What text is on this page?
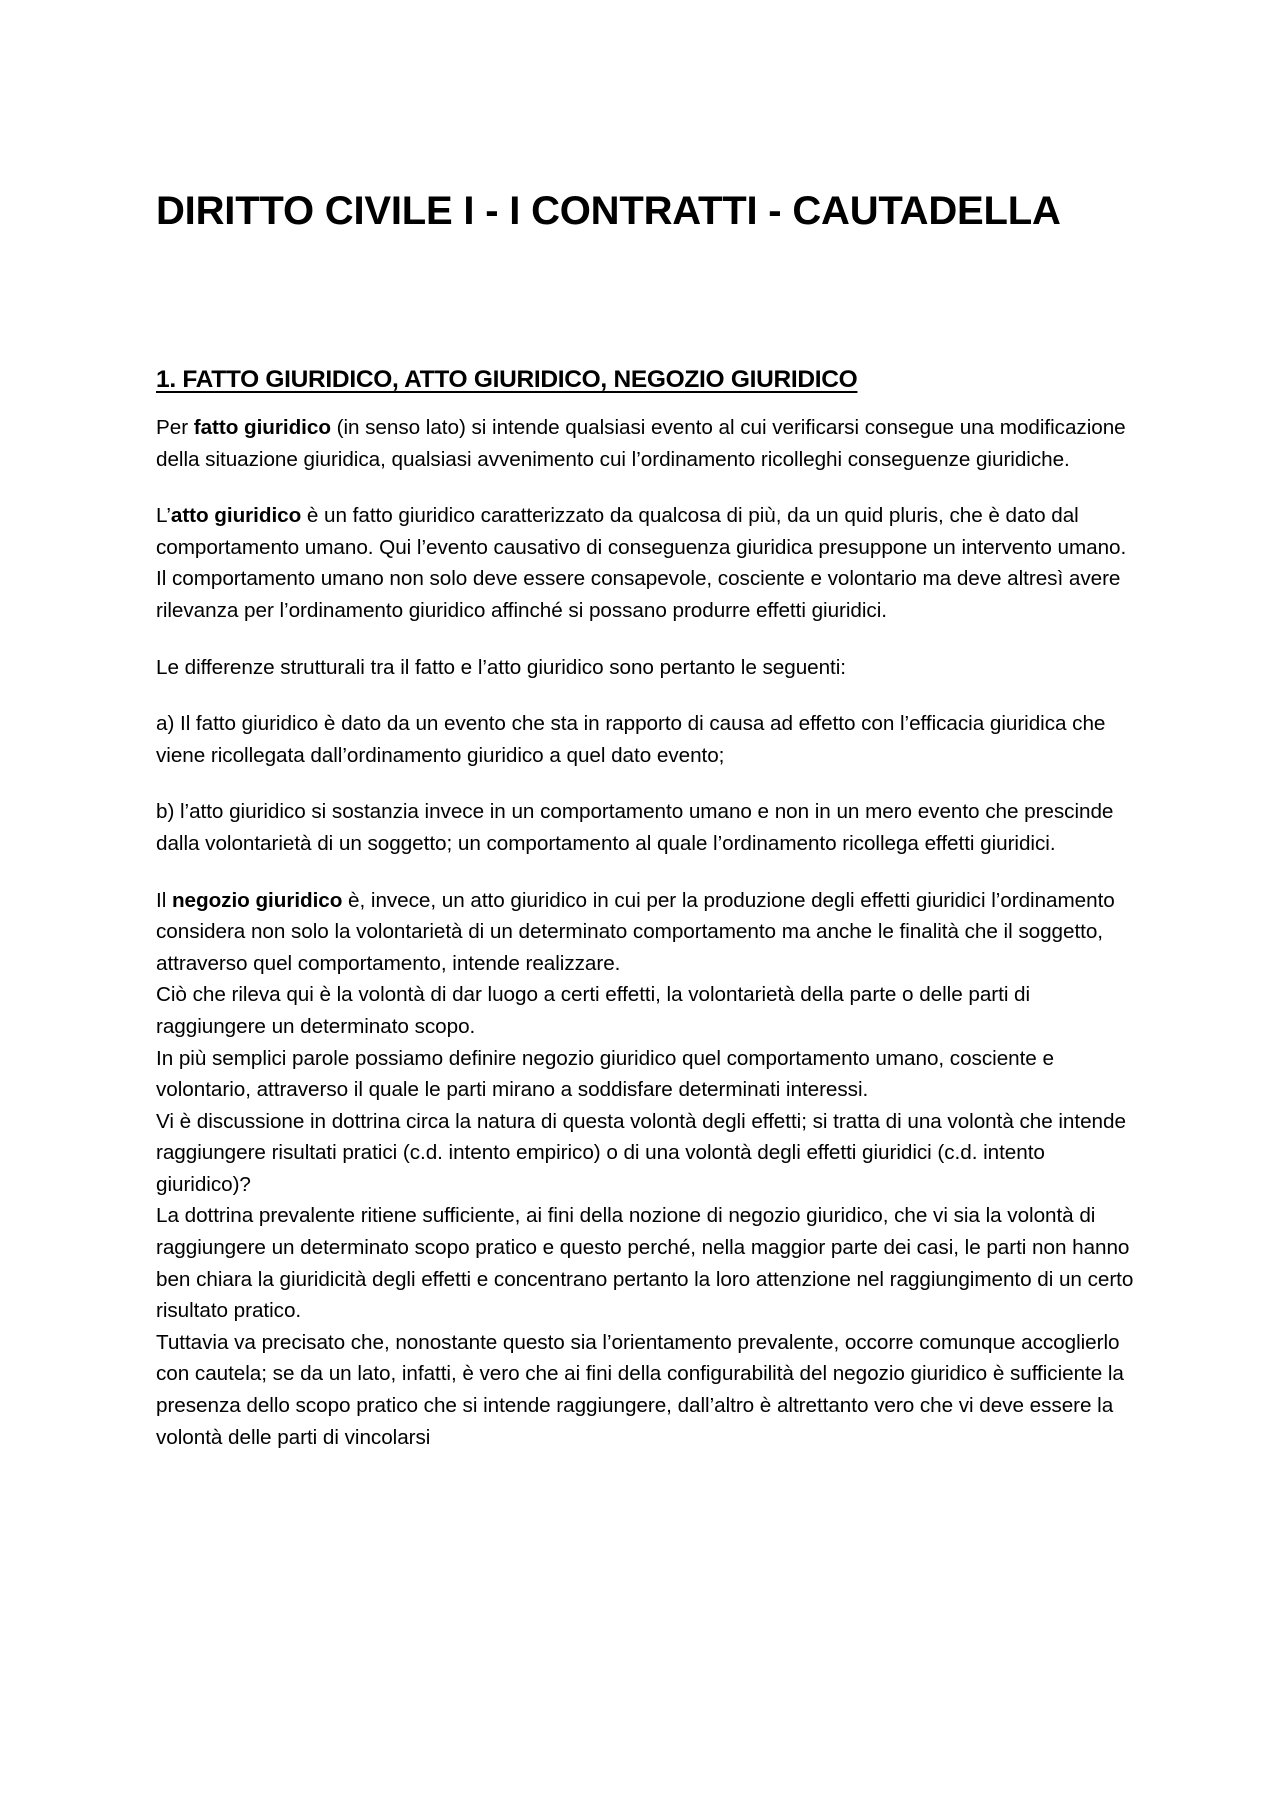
DIRITTO CIVILE I - I CONTRATTI - CAUTADELLA
1. FATTO GIURIDICO, ATTO GIURIDICO, NEGOZIO GIURIDICO

Per fatto giuridico (in senso lato) si intende qualsiasi evento al cui verificarsi consegue una modificazione della situazione giuridica, qualsiasi avvenimento cui l’ordinamento ricolleghi conseguenze giuridiche.

L’atto giuridico è un fatto giuridico caratterizzato da qualcosa di più, da un quid pluris, che è dato dal comportamento umano. Qui l’evento causativo di conseguenza giuridica presuppone un intervento umano. Il comportamento umano non solo deve essere consapevole, cosciente e volontario ma deve altresì avere rilevanza per l’ordinamento giuridico affinché si possano produrre effetti giuridici.

Le differenze strutturali tra il fatto e l’atto giuridico sono pertanto le seguenti:

a) Il fatto giuridico è dato da un evento che sta in rapporto di causa ad effetto con l’efficacia giuridica che viene ricollegata dall’ordinamento giuridico a quel dato evento;

b) l’atto giuridico si sostanzia invece in un comportamento umano e non in un mero evento che prescinde dalla volontarietà di un soggetto; un comportamento al quale l’ordinamento ricollega effetti giuridici.

Il negozio giuridico è, invece, un atto giuridico in cui per la produzione degli effetti giuridici l’ordinamento considera non solo la volontarietà di un determinato comportamento ma anche le finalità che il soggetto, attraverso quel comportamento, intende realizzare.

Ciò che rileva qui è la volontà di dar luogo a certi effetti, la volontarietà della parte o delle parti di raggiungere un determinato scopo.

In più semplici parole possiamo definire negozio giuridico quel comportamento umano, cosciente e volontario, attraverso il quale le parti mirano a soddisfare determinati interessi.

Vi è discussione in dottrina circa la natura di questa volontà degli effetti; si tratta di una volontà che intende raggiungere risultati pratici (c.d. intento empirico) o di una volontà degli effetti giuridici (c.d. intento giuridico)?

La dottrina prevalente ritiene sufficiente, ai fini della nozione di negozio giuridico, che vi sia la volontà di raggiungere un determinato scopo pratico e questo perché, nella maggior parte dei casi, le parti non hanno ben chiara la giuridicità degli effetti e concentrano pertanto la loro attenzione nel raggiungimento di un certo risultato pratico.

Tuttavia va precisato che, nonostante questo sia l’orientamento prevalente, occorre comunque accoglierlo con cautela; se da un lato, infatti, è vero che ai fini della configurabilità del negozio giuridico è sufficiente la presenza dello scopo pratico che si intende raggiungere, dall’altro è altrettanto vero che vi deve essere la volontà delle parti di vincolarsi
